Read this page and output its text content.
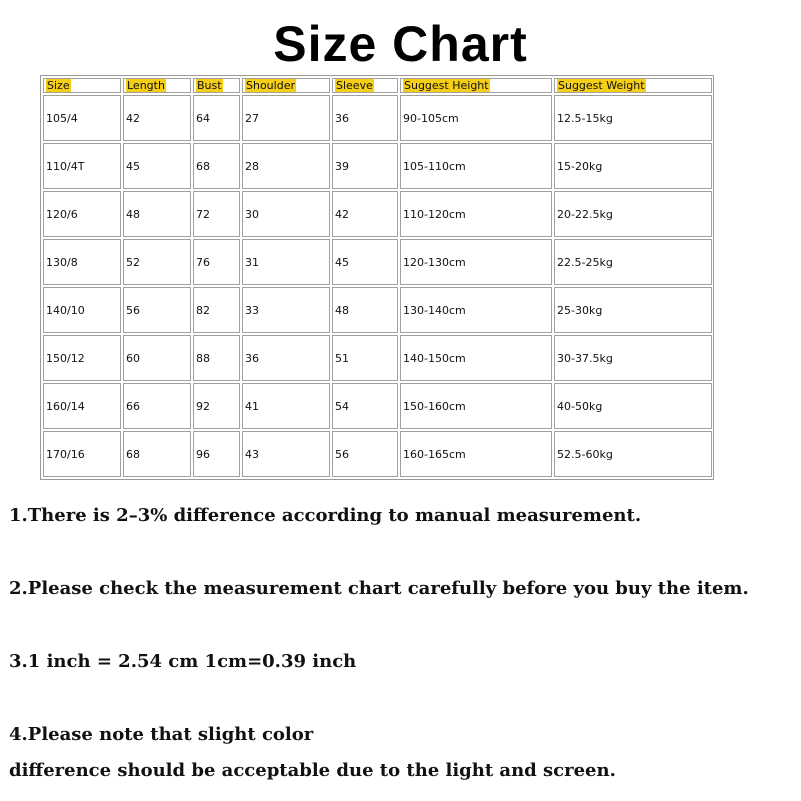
Size Chart
Size	Length	Bust	Shoulder	Sleeve	Suggest Height	Suggest Weight
105/4	42	64	27	36	90-105cm	12.5-15kg
110/4T	45	68	28	39	105-110cm	15-20kg
120/6	48	72	30	42	110-120cm	20-22.5kg
130/8	52	76	31	45	120-130cm	22.5-25kg
140/10	56	82	33	48	130-140cm	25-30kg
150/12	60	88	36	51	140-150cm	30-37.5kg
160/14	66	92	41	54	150-160cm	40-50kg
170/16	68	96	43	56	160-165cm	52.5-60kg
1.There is 2–3% difference according to manual measurement.
2.Please check the measurement chart carefully before you buy the item.
3.1 inch = 2.54 cm 1cm=0.39 inch
4.Please note that slight color
difference should be acceptable due to the light and screen.
